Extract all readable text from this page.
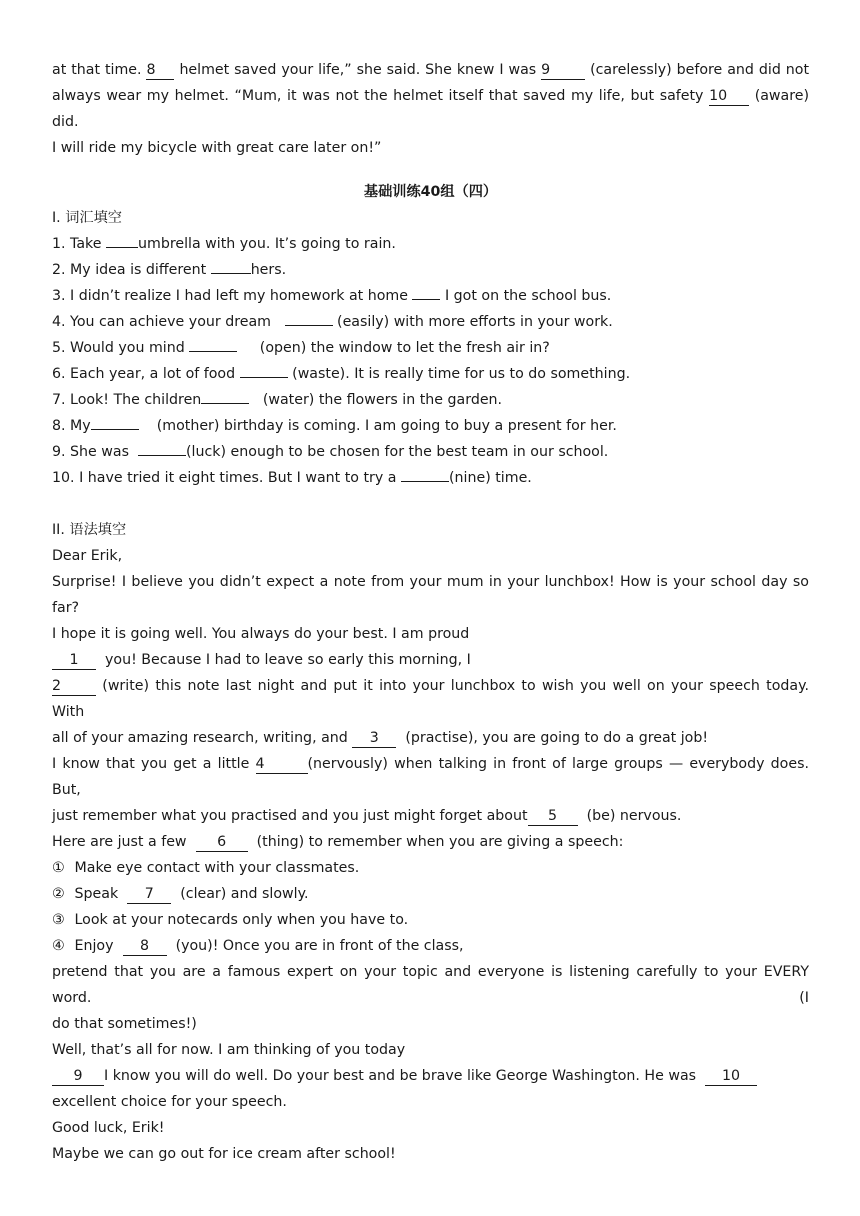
at that time. 8 helmet saved your life,” she said. She knew I was 9	(carelessly) before and did not
always wear my helmet. “Mum, it was not the helmet itself that saved my life, but safety 10 (aware) did.
I will ride my bicycle with great care later on!”
基础训练40组（四）
I. 词汇填空
1. Take	umbrella with you. It’s going to rain.
2. My idea is different	hers.
3. I didn’t realize I had left my homework at home	I got on the school bus.
4. You can achieve your dream	(easily) with more efforts in your work.
5. Would you mind	(open) the window to let the fresh air in?
6. Each year, a lot of food	(waste). It is really time for us to do something.
7. Look! The children	(water) the flowers in the garden.
8. My	(mother) birthday is coming. I am going to buy a present for her.
9. She was	(luck) enough to be chosen for the best team in our school.
10. I have tried it eight times. But I want to try a	(nine) time.
II. 语法填空
Dear Erik,
Surprise! I believe you didn’t expect a note from your mum in your lunchbox! How is your school day so far?
I hope it is going well. You always do your best. I am proud
1 you! Because I had to leave so early this morning, I
2	(write) this note last night and put it into your lunchbox to wish you well on your speech today. With
all of your amazing research, writing, and 3 (practise), you are going to do a great job!
I know that you get a little 4	(nervously) when talking in front of large groups — everybody does. But,
just remember what you practised and you just might forget about 5 (be) nervous.
Here are just a few 6 (thing) to remember when you are giving a speech:
① Make eye contact with your classmates.
② Speak 7 (clear) and slowly.
③ Look at your notecards only when you have to.
④ Enjoy 8 (you)! Once you are in front of the class,
pretend that you are a famous expert on your topic and everyone is listening carefully to your EVERY word. (I
do that sometimes!)
Well, that’s all for now. I am thinking of you today
9 I know you will do well. Do your best and be brave like George Washington. He was 10
excellent choice for your speech.
Good luck, Erik!
Maybe we can go out for ice cream after school!
